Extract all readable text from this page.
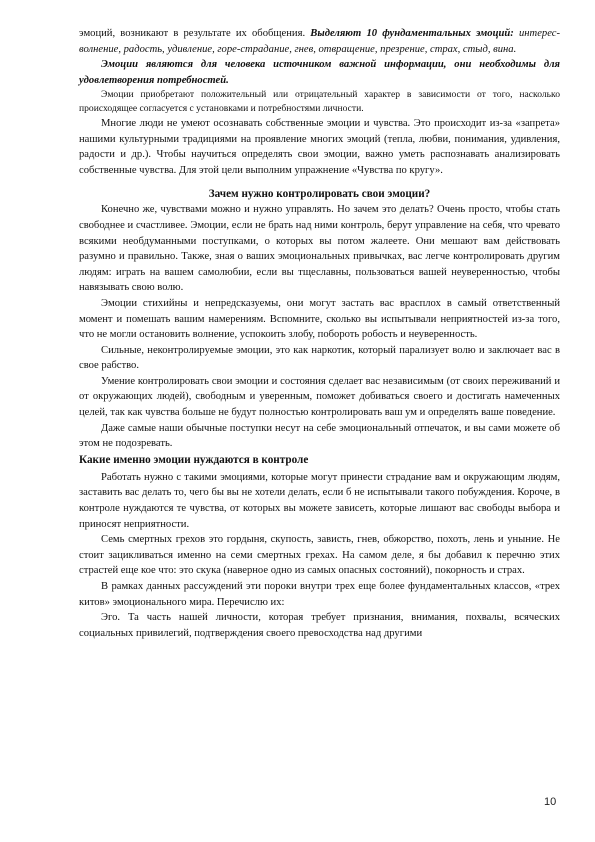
эмоций, возникают в результате их обобщения. Выделяют 10 фундаментальных эмоций: интерес-волнение, радость, удивление, горе-страдание, гнев, отвращение, презрение, страх, стыд, вина.

Эмоции являются для человека источником важной информации, они необходимы для удовлетворения потребностей.

Эмоции приобретают положительный или отрицательный характер в зависимости от того, насколько происходящее согласуется с установками и потребностями личности.

Многие люди не умеют осознавать собственные эмоции и чувства. Это происходит из-за «запрета» нашими культурными традициями на проявление многих эмоций (тепла, любви, понимания, удивления, радости и др.). Чтобы научиться определять свои эмоции, важно уметь распознавать анализировать собственные чувства. Для этой цели выполним упражнение «Чувства по кругу».

Зачем нужно контролировать свои эмоции?

Конечно же, чувствами можно и нужно управлять. Но зачем это делать? Очень просто, чтобы стать свободнее и счастливее. Эмоции, если не брать над ними контроль, берут управление на себя, что чревато всякими необдуманными поступками, о которых вы потом жалеете. Они мешают вам действовать разумно и правильно. Также, зная о ваших эмоциональных привычках, вас легче контролировать другим людям: играть на вашем самолюбии, если вы тщеславны, пользоваться вашей неуверенностью, чтобы навязывать свою волю.

Эмоции стихийны и непредсказуемы, они могут застать вас врасплох в самый ответственный момент и помешать вашим намерениям. Вспомните, сколько вы испытывали неприятностей из-за того, что не могли остановить волнение, успокоить злобу, побороть робость и неуверенность.

Сильные, неконтролируемые эмоции, это как наркотик, который парализует волю и заключает вас в свое рабство.

Умение контролировать свои эмоции и состояния сделает вас независимым (от своих переживаний и от окружающих людей), свободным и уверенным, поможет добиваться своего и достигать намеченных целей, так как чувства больше не будут полностью контролировать ваш ум и определять ваше поведение.

Даже самые наши обычные поступки несут на себе эмоциональный отпечаток, и вы сами можете об этом не подозревать.

Какие именно эмоции нуждаются в контроле

Работать нужно с такими эмоциями, которые могут принести страдание вам и окружающим людям, заставить вас делать то, чего бы вы не хотели делать, если б не испытывали такого побуждения. Короче, в контроле нуждаются те чувства, от которых вы можете зависеть, которые лишают вас свободы выбора и приносят неприятности.

Семь смертных грехов это гордыня, скупость, зависть, гнев, обжорство, похоть, лень и уныние. Не стоит зацикливаться именно на семи смертных грехах. На самом деле, я бы добавил к перечню этих страстей еще кое что: это скука (наверное одно из самых опасных состояний), покорность и страх.

В рамках данных рассуждений эти пороки внутри трех еще более фундаментальных классов, «трех китов» эмоционального мира. Перечислю их:

Эго. Та часть нашей личности, которая требует признания, внимания, похвалы, всяческих социальных привилегий, подтверждения своего превосходства над другими

10
